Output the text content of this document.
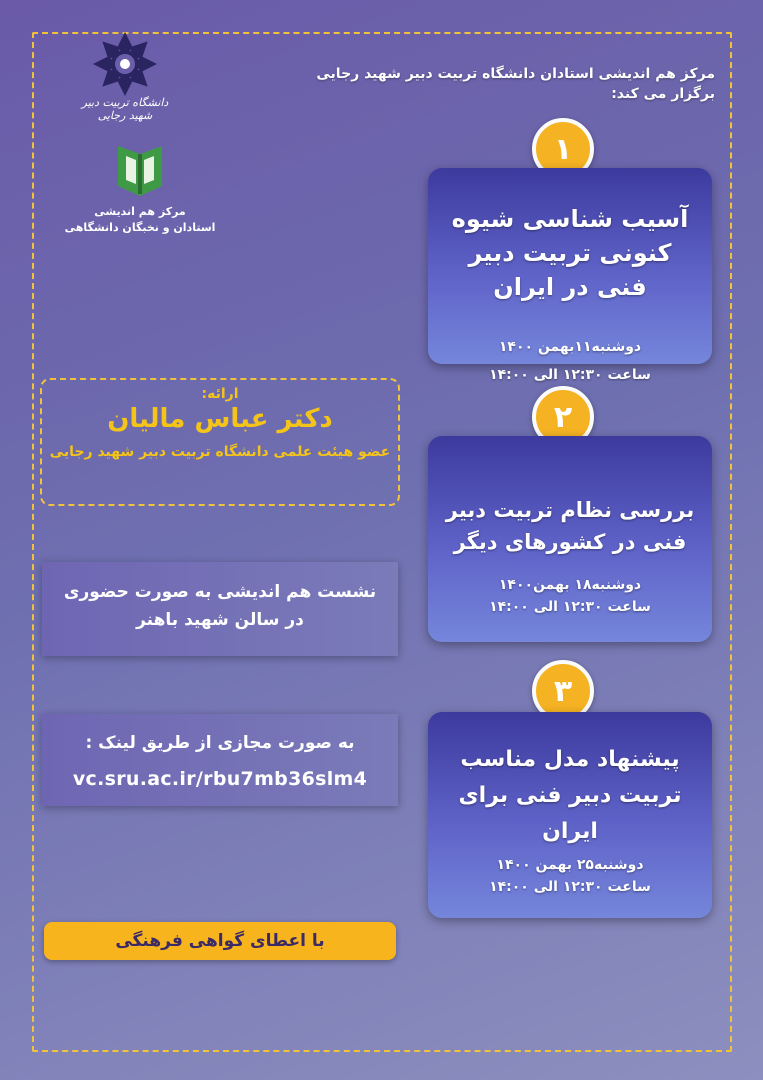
مرکز هم اندیشی استادان دانشگاه تربیت دبیر شهید رجایی
برگزار می کند:
دانشگاه تربیت دبیر شهید رجایی
مرکز هم اندیشی
استادان و نخبگان دانشگاهی
۱
آسیب شناسی شیوه کنونی تربیت دبیر فنی در ایران
دوشنبه۱۱بهمن ۱۴۰۰
ساعت ۱۲:۳۰ الی ۱۴:۰۰
۲
بررسی نظام تربیت دبیر فنی در کشورهای دیگر
دوشنبه۱۸ بهمن۱۴۰۰
ساعت ۱۲:۳۰ الی ۱۴:۰۰
۳
پیشنهاد مدل مناسب تربیت دبیر فنی برای ایران
دوشنبه۲۵ بهمن ۱۴۰۰
ساعت ۱۲:۳۰ الی ۱۴:۰۰
ارائه:
دکتر عباس مالیان
عضو هیئت علمی دانشگاه تربیت دبیر شهید رجایی
نشست هم اندیشی به صورت حضوری
در سالن شهید باهنر
به صورت مجازی از طریق لینک :
vc.sru.ac.ir/rbu7mb36slm4
با اعطای گواهی فرهنگی
